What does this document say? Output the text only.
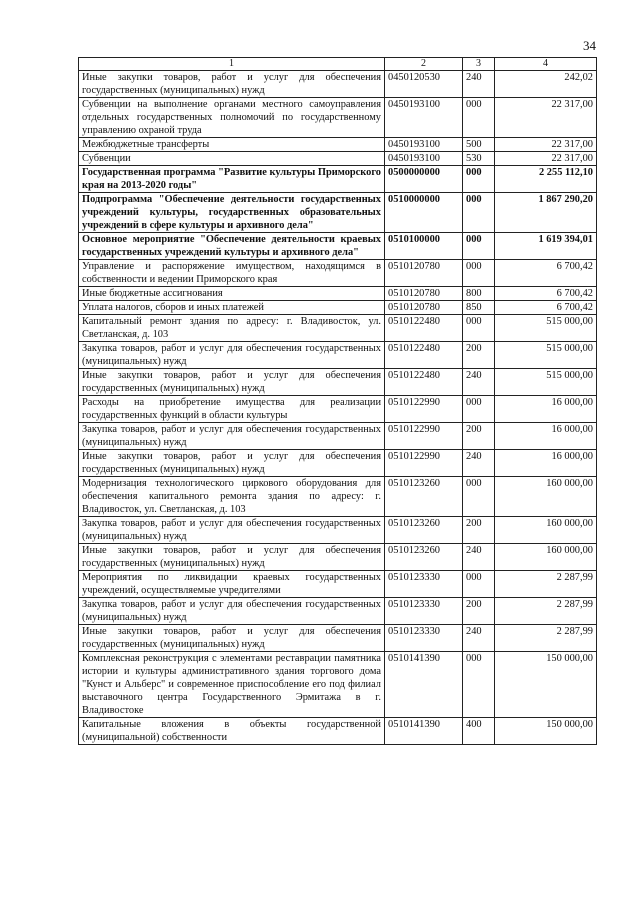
34
1	2	3	4
Иные закупки товаров, работ и услуг для обеспечения государственных (муниципальных) нужд	0450120530	240	242,02
Субвенции на выполнение органами местного самоуправления отдельных государственных полномочий по государственному управлению охраной труда	0450193100	000	22 317,00
Межбюджетные трансферты	0450193100	500	22 317,00
Субвенции	0450193100	530	22 317,00
Государственная программа "Развитие культуры Приморского края на 2013-2020 годы"	0500000000	000	2 255 112,10
Подпрограмма "Обеспечение деятельности государственных учреждений культуры, государственных образовательных учреждений в сфере культуры и архивного дела"	0510000000	000	1 867 290,20
Основное мероприятие "Обеспечение деятельности краевых государственных учреждений культуры и архивного дела"	0510100000	000	1 619 394,01
Управление и распоряжение имуществом, находящимся в собственности и ведении Приморского края	0510120780	000	6 700,42
Иные бюджетные ассигнования	0510120780	800	6 700,42
Уплата налогов, сборов и иных платежей	0510120780	850	6 700,42
Капитальный ремонт здания по адресу: г. Владивосток, ул. Светланская, д. 103	0510122480	000	515 000,00
Закупка товаров, работ и услуг для обеспечения государственных (муниципальных) нужд	0510122480	200	515 000,00
Иные закупки товаров, работ и услуг для обеспечения государственных (муниципальных) нужд	0510122480	240	515 000,00
Расходы на приобретение имущества для реализации государственных функций в области культуры	0510122990	000	16 000,00
Закупка товаров, работ и услуг для обеспечения государственных (муниципальных) нужд	0510122990	200	16 000,00
Иные закупки товаров, работ и услуг для обеспечения государственных (муниципальных) нужд	0510122990	240	16 000,00
Модернизация технологического циркового оборудования для обеспечения капитального ремонта здания по адресу: г. Владивосток, ул. Светланская, д. 103	0510123260	000	160 000,00
Закупка товаров, работ и услуг для обеспечения государственных (муниципальных) нужд	0510123260	200	160 000,00
Иные закупки товаров, работ и услуг для обеспечения государственных (муниципальных) нужд	0510123260	240	160 000,00
Мероприятия по ликвидации краевых государственных учреждений, осуществляемые учредителями	0510123330	000	2 287,99
Закупка товаров, работ и услуг для обеспечения государственных (муниципальных) нужд	0510123330	200	2 287,99
Иные закупки товаров, работ и услуг для обеспечения государственных (муниципальных) нужд	0510123330	240	2 287,99
Комплексная реконструкция с элементами реставрации памятника истории и культуры административного здания торгового дома "Кунст и Альберс" и современное приспособление его под филиал выставочного центра Государственного Эрмитажа в г. Владивостоке	0510141390	000	150 000,00
Капитальные вложения в объекты государственной (муниципальной) собственности	0510141390	400	150 000,00
